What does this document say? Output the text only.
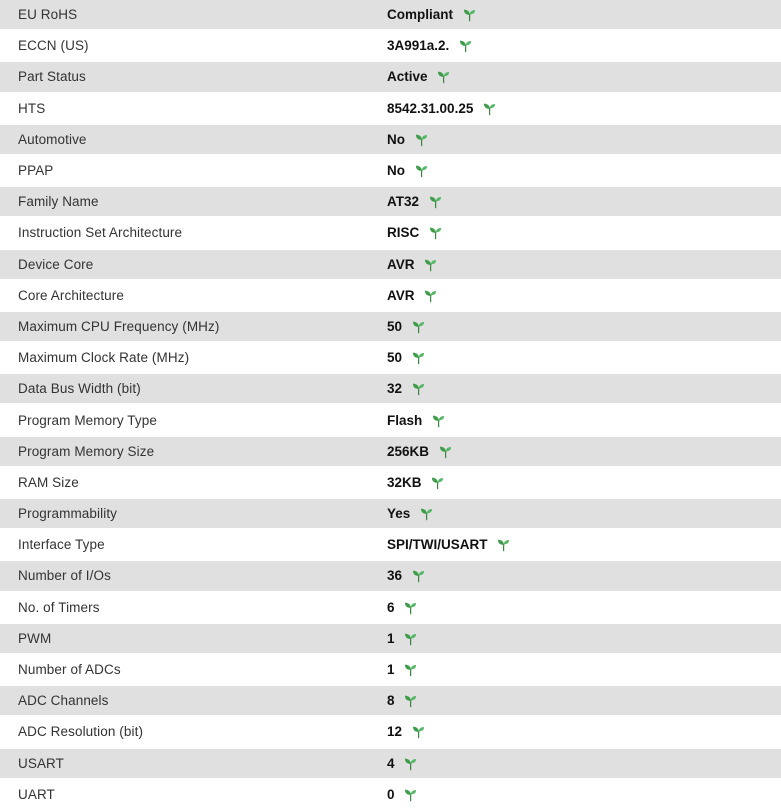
EU RoHS	Compliant
ECCN (US)	3A991a.2.
Part Status	Active
HTS	8542.31.00.25
Automotive	No
PPAP	No
Family Name	AT32
Instruction Set Architecture	RISC
Device Core	AVR
Core Architecture	AVR
Maximum CPU Frequency (MHz)	50
Maximum Clock Rate (MHz)	50
Data Bus Width (bit)	32
Program Memory Type	Flash
Program Memory Size	256KB
RAM Size	32KB
Programmability	Yes
Interface Type	SPI/TWI/USART
Number of I/Os	36
No. of Timers	6
PWM	1
Number of ADCs	1
ADC Channels	8
ADC Resolution (bit)	12
USART	4
UART	0
